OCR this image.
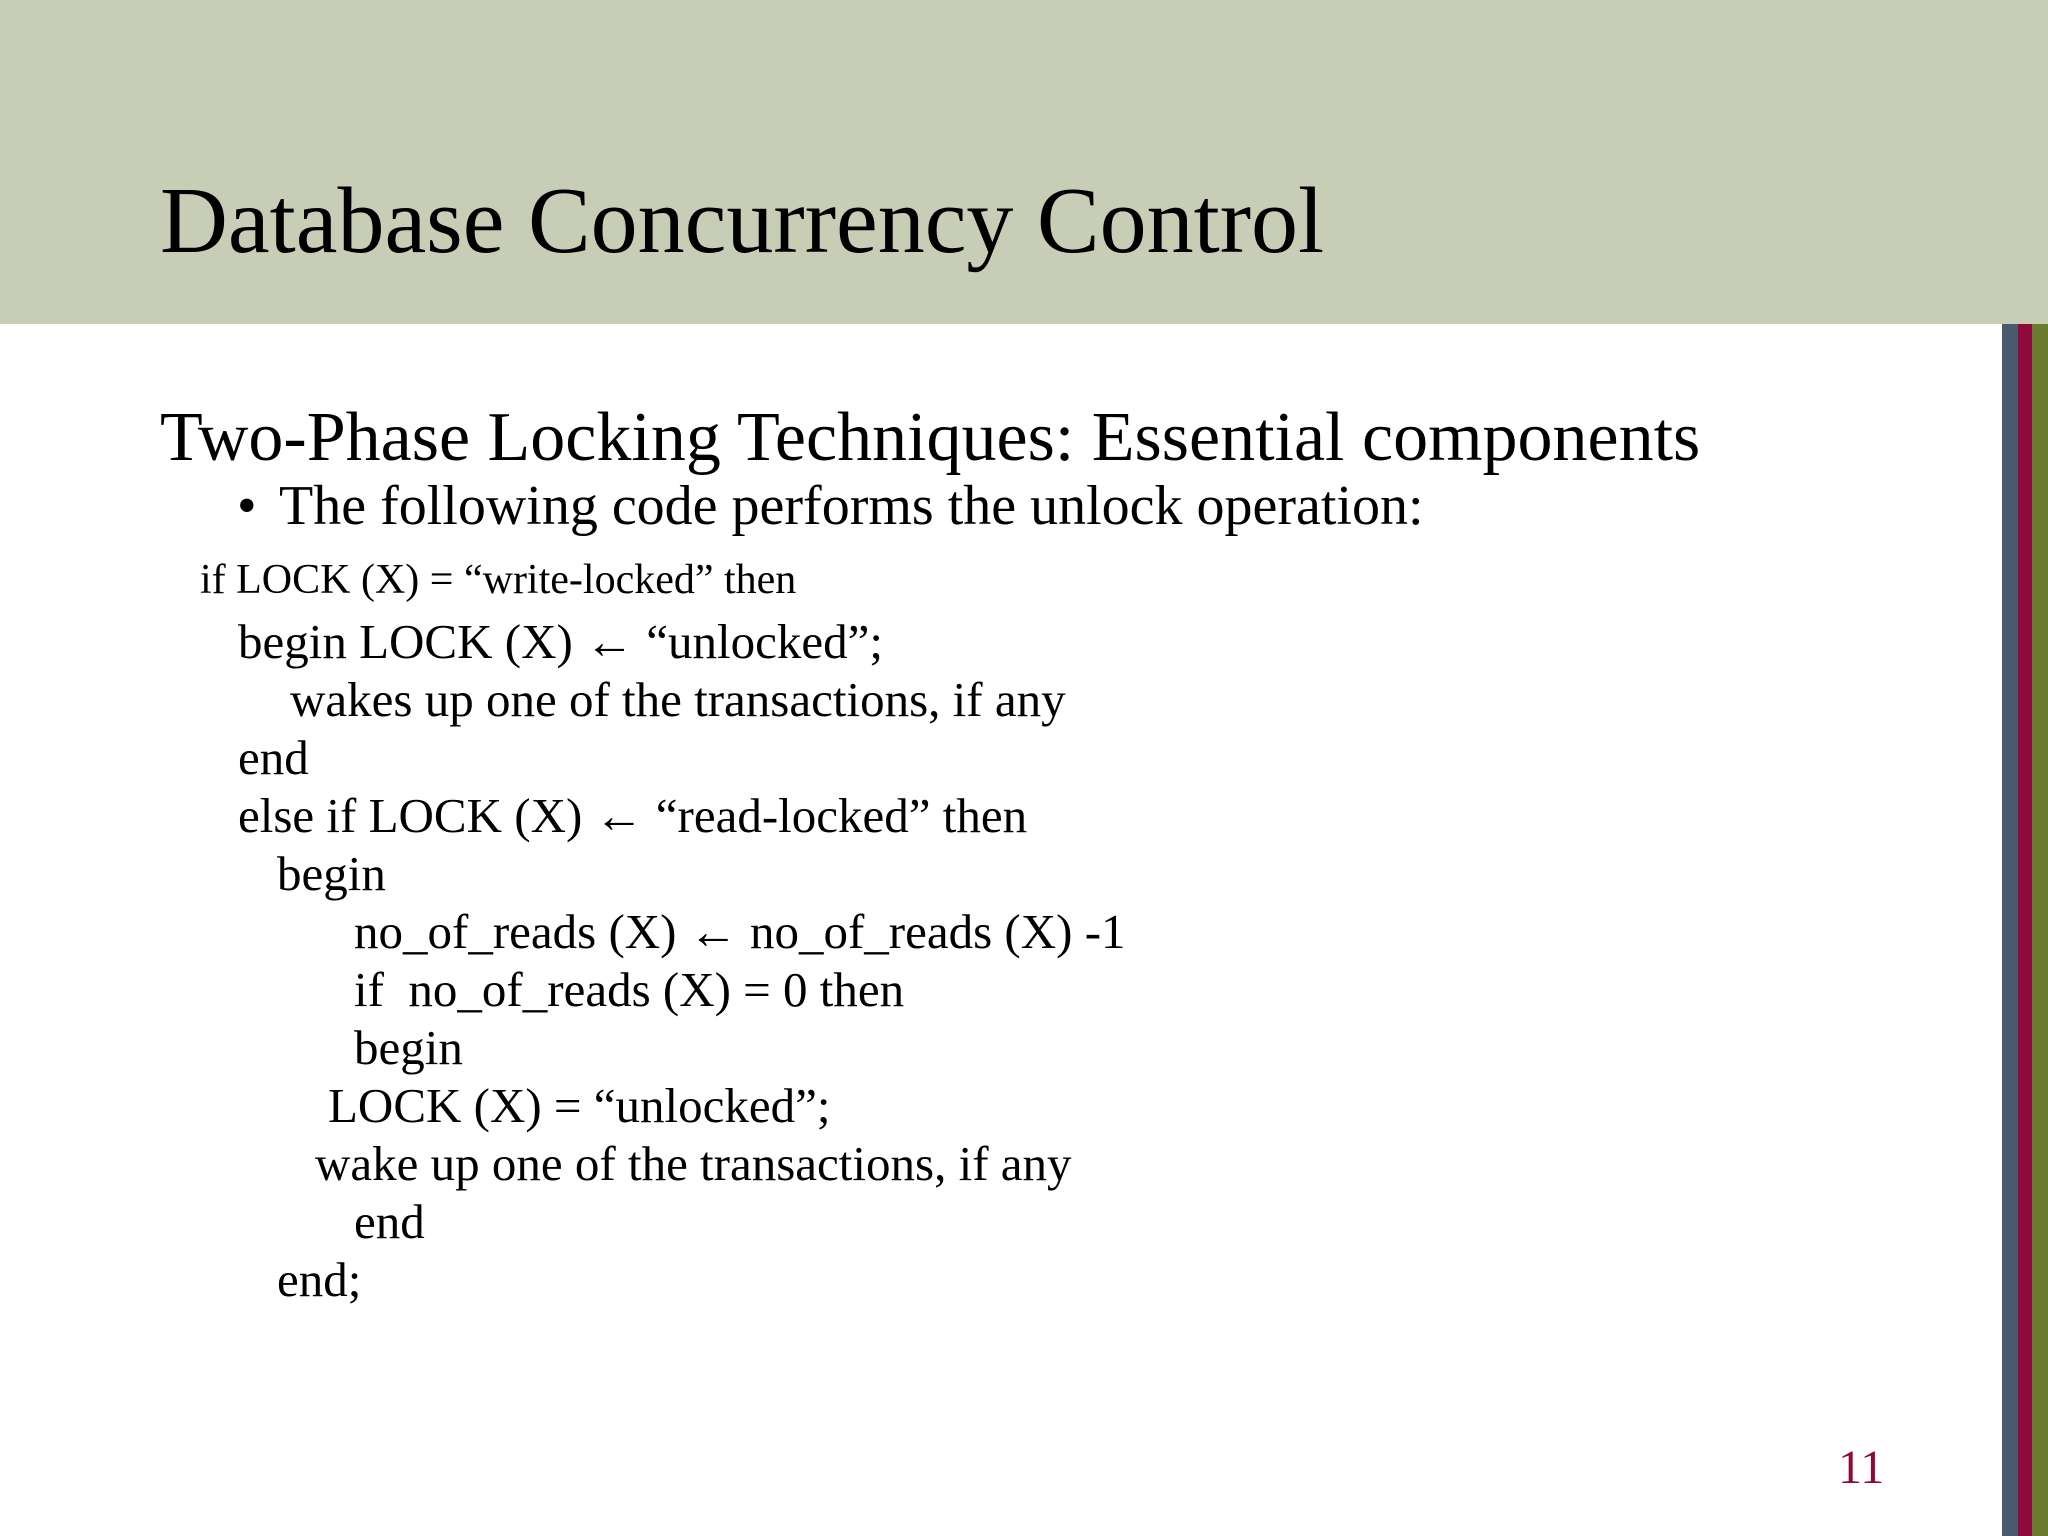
Database Concurrency Control
Two-Phase Locking Techniques: Essential components
• The following code performs the unlock operation:
if LOCK (X) = “write-locked” then
begin LOCK (X) ← “unlocked”;
wakes up one of the transactions, if any
end
else if LOCK (X) ← “read-locked” then
begin
no_of_reads (X) ← no_of_reads (X) -1
if  no_of_reads (X) = 0 then
begin
LOCK (X) = “unlocked”;
wake up one of the transactions, if any
end
end;
11
